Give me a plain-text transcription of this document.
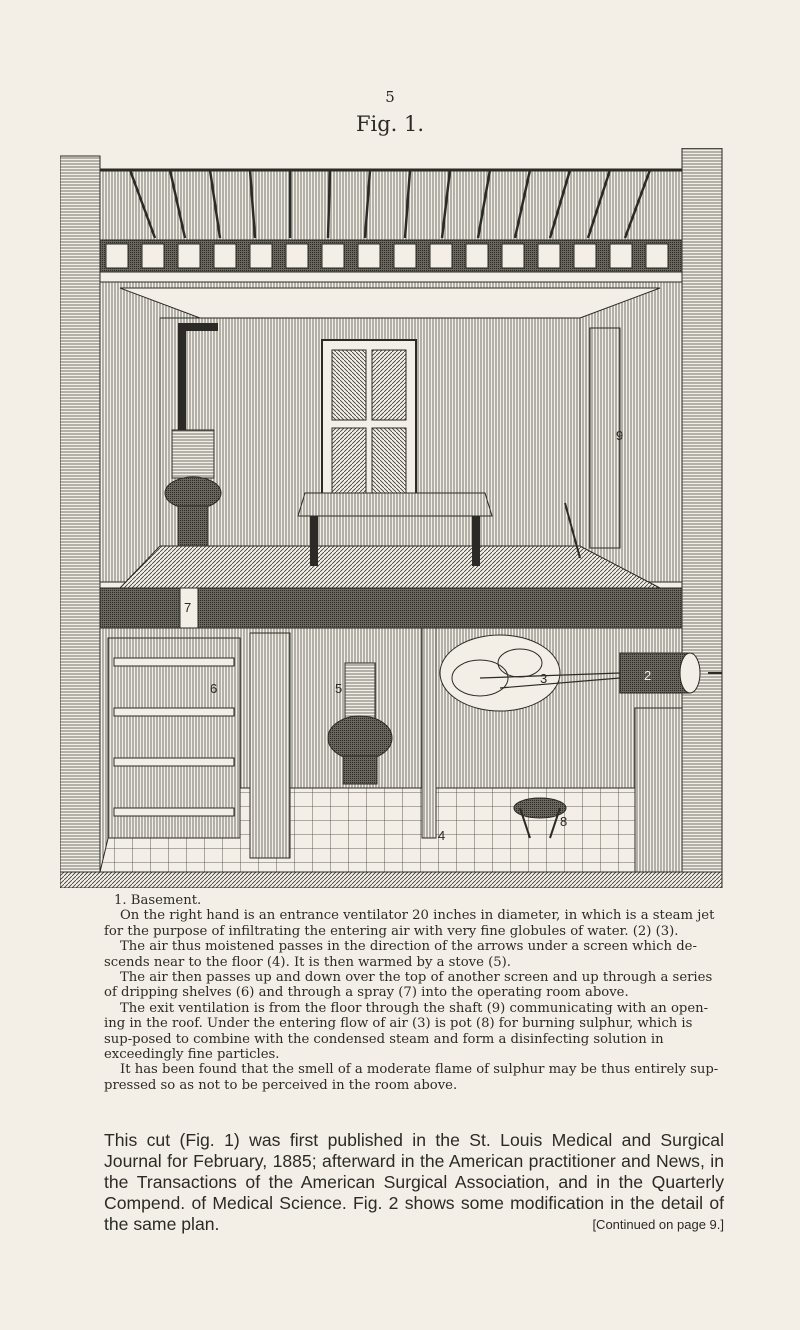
5
Fig. 1.
9
7
6	5
3	2
8
4

1. Basement.

On the right hand is an entrance ventilator 20 inches in diameter, in which is a steam jet for the purpose of infiltrating the entering air with very fine globules of water. (2) (3).

The air thus moistened passes in the direction of the arrows under a screen which de-scends near to the floor (4). It is then warmed by a stove (5).

The air then passes up and down over the top of another screen and up through a series of dripping shelves (6) and through a spray (7) into the operating room above.

The exit ventilation is from the floor through the shaft (9) communicating with an open-ing in the roof. Under the entering flow of air (3) is pot (8) for burning sulphur, which is sup-posed to combine with the condensed steam and form a disinfecting solution in exceedingly fine particles.

It has been found that the smell of a moderate flame of sulphur may be thus entirely sup-pressed so as not to be perceived in the room above.

This cut (Fig. 1) was first published in the St. Louis Medical and Surgical Journal for February, 1885; afterward in the American practitioner and News, in the Transactions of the American Surgical Association, and in the Quarterly Compend. of Medical Science. Fig. 2 shows some modification in the detail of the same plan.	[Continued on page 9.]
